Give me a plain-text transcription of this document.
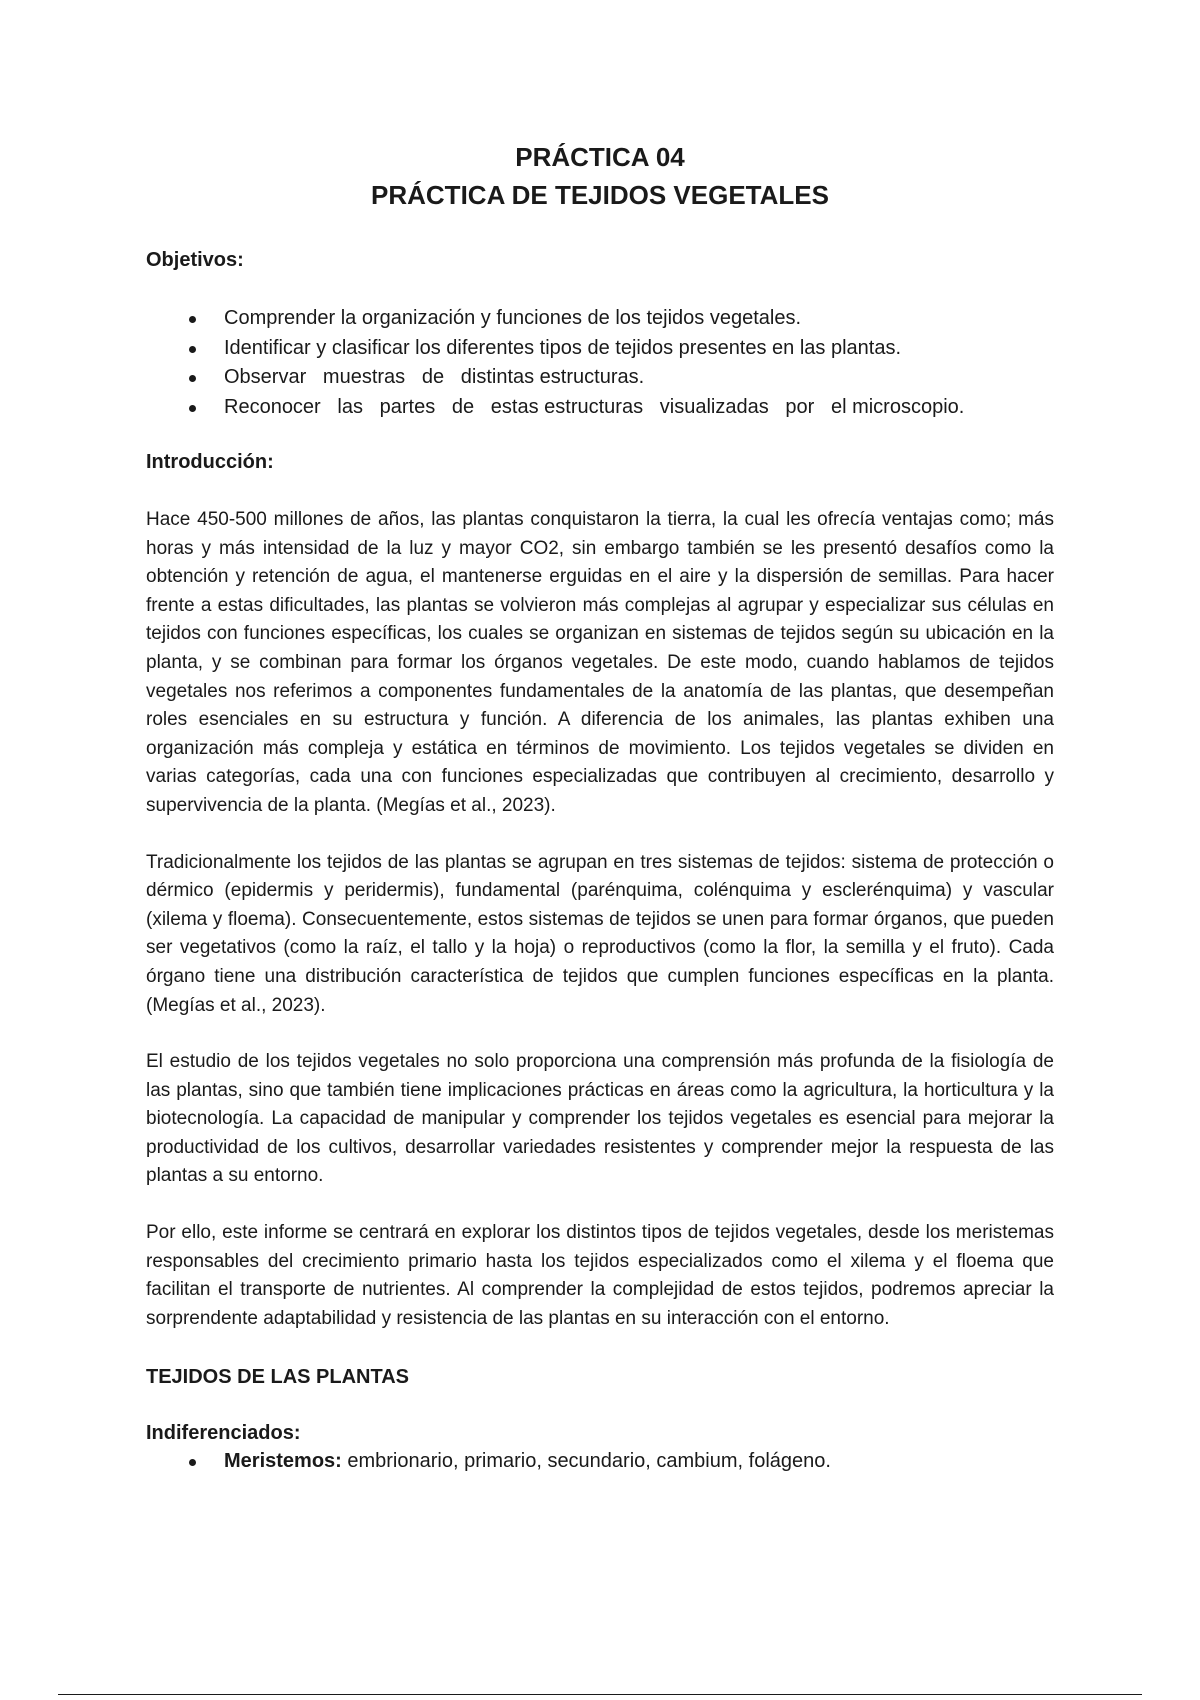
PRÁCTICA 04
PRÁCTICA DE TEJIDOS VEGETALES
Objetivos:
Comprender la organización y funciones de los tejidos vegetales.
Identificar y clasificar los diferentes tipos de tejidos presentes en las plantas.
Observar   muestras   de   distintas estructuras.
Reconocer   las   partes   de   estas estructuras   visualizadas   por   el microscopio.
Introducción:

Hace 450-500 millones de años, las plantas conquistaron la tierra, la cual les ofrecía ventajas como; más horas y más intensidad de la luz y mayor CO2, sin embargo también se les presentó desafíos como la obtención y retención de agua, el mantenerse erguidas en el aire y la dispersión de semillas. Para hacer frente a estas dificultades, las plantas se volvieron más complejas al agrupar y especializar sus células en tejidos con funciones específicas, los cuales se organizan en sistemas de tejidos según su ubicación en la planta, y se combinan para formar los órganos vegetales. De este modo, cuando hablamos de tejidos vegetales nos referimos a componentes fundamentales de la anatomía de las plantas, que desempeñan roles esenciales en su estructura y función. A diferencia de los animales, las plantas exhiben una organización más compleja y estática en términos de movimiento. Los tejidos vegetales se dividen en varias categorías, cada una con funciones especializadas que contribuyen al crecimiento, desarrollo y supervivencia de la planta. (Megías et al., 2023).

Tradicionalmente los tejidos de las plantas se agrupan en tres sistemas de tejidos: sistema de protección o dérmico (epidermis y peridermis), fundamental (parénquima, colénquima y esclerénquima) y vascular (xilema y floema). Consecuentemente, estos sistemas de tejidos se unen para formar órganos, que pueden ser vegetativos (como la raíz, el tallo y la hoja) o reproductivos (como la flor, la semilla y el fruto). Cada órgano tiene una distribución característica de tejidos que cumplen funciones específicas en la planta. (Megías et al., 2023).

El estudio de los tejidos vegetales no solo proporciona una comprensión más profunda de la fisiología de las plantas, sino que también tiene implicaciones prácticas en áreas como la agricultura, la horticultura y la biotecnología. La capacidad de manipular y comprender los tejidos vegetales es esencial para mejorar la productividad de los cultivos, desarrollar variedades resistentes y comprender mejor la respuesta de las plantas a su entorno.

Por ello, este informe se centrará en explorar los distintos tipos de tejidos vegetales, desde los meristemas responsables del crecimiento primario hasta los tejidos especializados como el xilema y el floema que facilitan el transporte de nutrientes. Al comprender la complejidad de estos tejidos, podremos apreciar la sorprendente adaptabilidad y resistencia de las plantas en su interacción con el entorno.

TEJIDOS DE LAS PLANTAS
Indiferenciados:
Meristemos: embrionario, primario, secundario, cambium, folágeno.
